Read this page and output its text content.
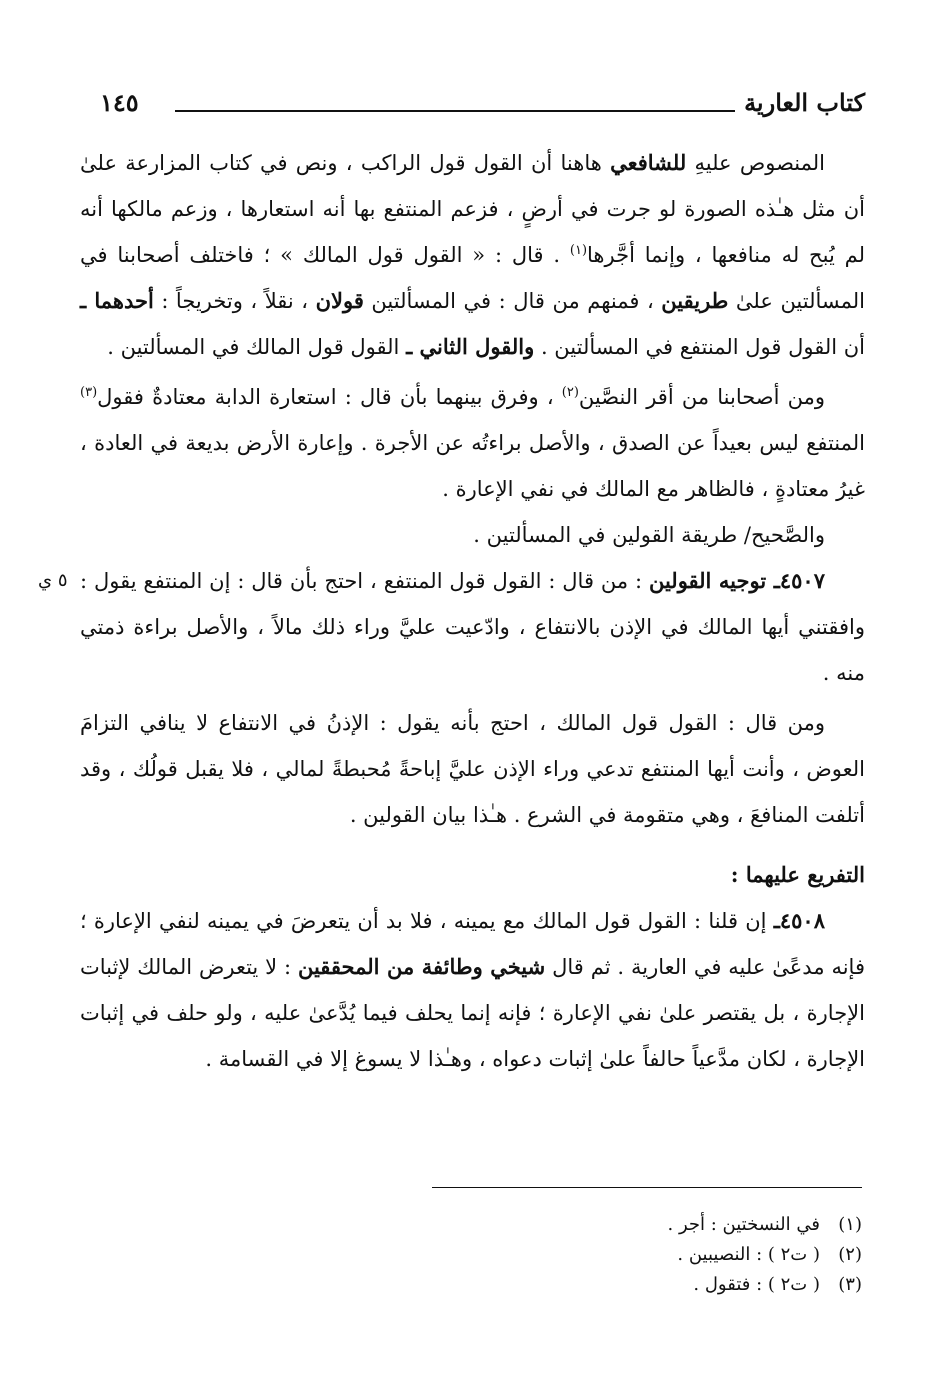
كتاب العارية
١٤٥
٥ ي

المنصوص عليهِ للشافعي هاهنا أن القول قول الراكب ، ونص في كتاب المزارعة علىٰ أن مثل هـٰذه الصورة لو جرت في أرضٍ ، فزعم المنتفع بها أنه استعارها ، وزعم مالكها أنه لم يُبح له منافعها ، وإنما أجَّرها$^{(١)}$ . قال : « القول قول المالك » ؛ فاختلف أصحابنا في المسألتين علىٰ طريقين ، فمنهم من قال : في المسألتين قولان ، نقلاً ، وتخريجاً : أحدهما ـ أن القول قول المنتفع في المسألتين . والقول الثاني ـ القول قول المالك في المسألتين .

ومن أصحابنا من أقر النصَّين$^{(٢)}$ ، وفرق بينهما بأن قال : استعارة الدابة معتادةٌ فقول$^{(٣)}$ المنتفع ليس بعيداً عن الصدق ، والأصل براءتُه عن الأجرة . وإعارة الأرض بديعة في العادة ، غيرُ معتادةٍ ، فالظاهر مع المالك في نفي الإعارة .

والصَّحيح/ طريقة القولين في المسألتين .

٤٥٠٧ـ توجيه القولين : من قال : القول قول المنتفع ، احتج بأن قال : إن المنتفع يقول : وافقتني أيها المالك في الإذن بالانتفاع ، وادّعيت عليَّ وراء ذلك مالاً ، والأصل براءة ذمتي منه .

ومن قال : القول قول المالك ، احتج بأنه يقول : الإذنُ في الانتفاع لا ينافي التزامَ العوض ، وأنت أيها المنتفع تدعي وراء الإذن عليَّ إباحةً مُحبطةً لمالي ، فلا يقبل قولُك ، وقد أتلفت المنافعَ ، وهي متقومة في الشرع . هـٰذا بيان القولين .

التفريع عليهما :

٤٥٠٨ـ إن قلنا : القول قول المالك مع يمينه ، فلا بد أن يتعرضَ في يمينه لنفي الإعارة ؛ فإنه مدعًىٰ عليه في العارية . ثم قال شيخي وطائفة من المحققين : لا يتعرض المالك لإثبات الإجارة ، بل يقتصر علىٰ نفي الإعارة ؛ فإنه إنما يحلف فيما يُدَّعىٰ عليه ، ولو حلف في إثبات الإجارة ، لكان مدَّعياً حالفاً علىٰ إثبات دعواه ، وهـٰذا لا يسوغ إلا في القسامة .

(١)في النسختين : أجر .

(٢)( ت٢ ) : النصيبين .

(٣)( ت٢ ) : فتقول .
